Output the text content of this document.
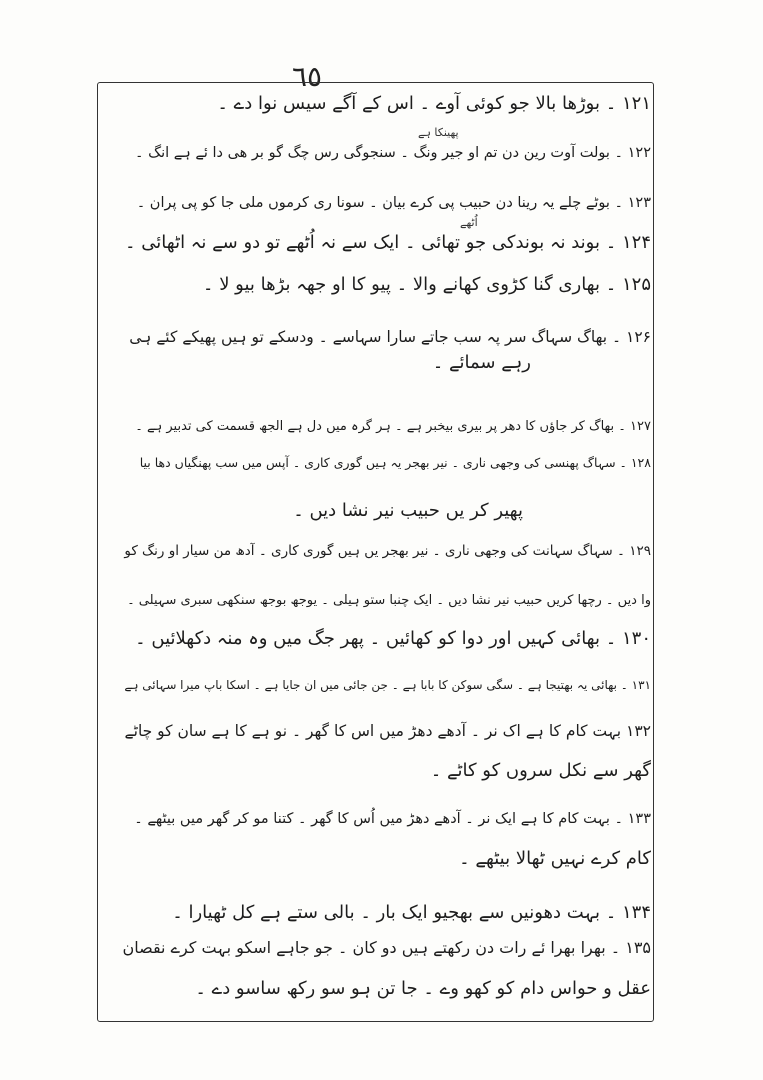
٦٥
۱۲۱ ۔ بوڑھا بالا جو کوئی آوے ۔ اس کے آگے سیس نوا دے ۔
۱۲۲ ۔ بولت آوت رین دن تم او جیر ونگ ۔ سنجوگی رس چگ گو بر ھی دا ئے ہے انگ ۔
۱۲۳ ۔ بوٹے چلے یہ رینا دن حبیب پی کرے بیان ۔ سونا ری کرموں ملی جا کو پی پران ۔
۱۲۴ ۔ بوند نہ بوندکی جو تھائی ۔ ایک سے نہ اُٹھے تو دو سے نہ اٹھائی ۔
۱۲۵ ۔ بھاری گنا کڑوی کھانے والا ۔ پیو کا او جھہ بڑھا بیو لا ۔
۱۲۶ ۔ بھاگ سہاگ سر پہ سب جاتے سارا سہاسے ۔ ودسکے تو ہیں پھیکے کئے ہی
رہے سمائے ۔
۱۲۷ ۔ بھاگ کر جاؤں کا دھر پر بیری بیخبر ہے ۔ ہر گرہ میں دل ہے الجھ قسمت کی تدبیر ہے ۔
۱۲۸ ۔ سہاگ پھنسی کی وجھی ناری ۔ نیر بھجر یہ ہیں گوری کاری ۔ آپس میں سب پھنگیاں دھا بیا
پھیر کر یں حبیب نیر نشا دیں ۔
۱۲۹ ۔ سہاگ سہانت کی وجھی ناری ۔ نیر بھجر یں ہیں گوری کاری ۔ آدھ من سیار او رنگ کو
وا دیں ۔ رچھا کریں حبیب نیر نشا دیں ۔ ایک چنبا ستو ہیلی ۔ یوجھ بوجھ سنکھی سبری سہیلی ۔
۱۳۰ ۔ بھائی کہیں اور دوا کو کھائیں ۔ پھر جگ میں وہ منہ دکھلائیں ۔
۱۳۱ ۔ بھائی یہ بھتیجا ہے ۔ سگی سوکن کا بابا ہے ۔ جن جائی میں ان جایا ہے ۔ اسکا باپ میرا سہائی ہے
۱۳۲ بہت کام کا ہے اک نر ۔ آدھے دھڑ میں اس کا گھر ۔ نو ہے کا ہے سان کو چاٹے
گھر سے نکل سروں کو کاٹے ۔
۱۳۳ ۔ بہت کام کا ہے ایک نر ۔ آدھے دھڑ میں اُس کا گھر ۔ کتنا مو کر گھر میں بیٹھے ۔
کام کرے نہیں ٹھالا بیٹھے ۔
۱۳۴ ۔ بہت دھونیں سے بھجیو ایک بار ۔ بالی ستے ہے کل ٹھیارا ۔
۱۳۵ ۔ بھرا بھرا ئے رات دن رکھتے ہیں دو کان ۔ جو جاہے اسکو بہت کرے نقصان
عقل و حواس دام کو کھو وے ۔ جا تن ہو سو رکھ ساسو دے ۔
پھینکا ہے
اُٹھے
